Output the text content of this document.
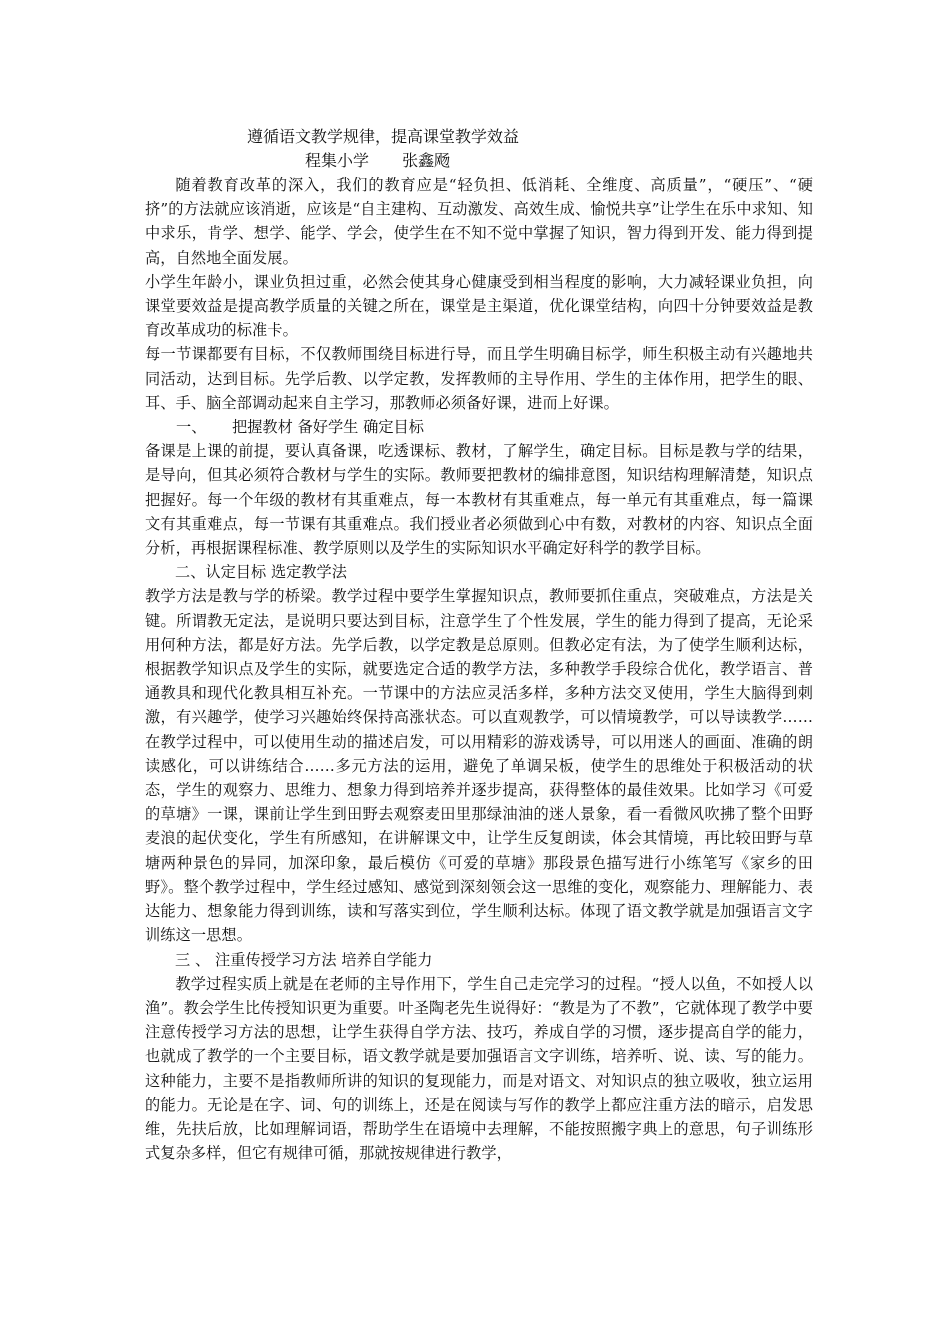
遵循语文教学规律，提高课堂教学效益
程集小学 张鑫飏

随着教育改革的深入，我们的教育应是“轻负担、低消耗、全维度、高质量”，“硬压”、“硬挤”的方法就应该消逝，应该是“自主建构、互动激发、高效生成、愉悦共享”让学生在乐中求知、知中求乐，肯学、想学、能学、学会，使学生在不知不觉中掌握了知识，智力得到开发、能力得到提高，自然地全面发展。

小学生年龄小，课业负担过重，必然会使其身心健康受到相当程度的影响，大力减轻课业负担，向课堂要效益是提高教学质量的关键之所在，课堂是主渠道，优化课堂结构，向四十分钟要效益是教育改革成功的标准卡。

每一节课都要有目标，不仅教师围绕目标进行导，而且学生明确目标学，师生积极主动有兴趣地共同活动，达到目标。先学后教、以学定教，发挥教师的主导作用、学生的主体作用，把学生的眼、耳、手、脑全部调动起来自主学习，那教师必须备好课，进而上好课。

一、 把握教材 备好学生 确定目标

备课是上课的前提，要认真备课，吃透课标、教材，了解学生，确定目标。目标是教与学的结果，是导向，但其必须符合教材与学生的实际。教师要把教材的编排意图，知识结构理解清楚，知识点把握好。每一个年级的教材有其重难点，每一本教材有其重难点，每一单元有其重难点，每一篇课文有其重难点，每一节课有其重难点。我们授业者必须做到心中有数，对教材的内容、知识点全面分析，再根据课程标准、教学原则以及学生的实际知识水平确定好科学的教学目标。

二、认定目标 选定教学法

教学方法是教与学的桥梁。教学过程中要学生掌握知识点，教师要抓住重点，突破难点，方法是关键。所谓教无定法，是说明只要达到目标，注意学生了个性发展，学生的能力得到了提高，无论采用何种方法，都是好方法。先学后教，以学定教是总原则。但教必定有法，为了使学生顺利达标，根据教学知识点及学生的实际，就要选定合适的教学方法，多种教学手段综合优化，教学语言、普通教具和现代化教具相互补充。一节课中的方法应灵活多样，多种方法交叉使用，学生大脑得到刺激，有兴趣学，使学习兴趣始终保持高涨状态。可以直观教学，可以情境教学，可以导读教学……在教学过程中，可以使用生动的描述启发，可以用精彩的游戏诱导，可以用迷人的画面、准确的朗读感化，可以讲练结合……多元方法的运用，避免了单调呆板，使学生的思维处于积极活动的状态，学生的观察力、思维力、想象力得到培养并逐步提高，获得整体的最佳效果。比如学习《可爱的草塘》一课，课前让学生到田野去观察麦田里那绿油油的迷人景象，看一看微风吹拂了整个田野麦浪的起伏变化，学生有所感知，在讲解课文中，让学生反复朗读，体会其情境，再比较田野与草塘两种景色的异同，加深印象，最后模仿《可爱的草塘》那段景色描写进行小练笔写《家乡的田野》。整个教学过程中，学生经过感知、感觉到深刻领会这一思维的变化，观察能力、理解能力、表达能力、想象能力得到训练，读和写落实到位，学生顺利达标。体现了语文教学就是加强语言文字训练这一思想。

三 、 注重传授学习方法 培养自学能力

教学过程实质上就是在老师的主导作用下，学生自己走完学习的过程。“授人以鱼，不如授人以渔”。教会学生比传授知识更为重要。叶圣陶老先生说得好：“教是为了不教”，它就体现了教学中要注意传授学习方法的思想，让学生获得自学方法、技巧，养成自学的习惯，逐步提高自学的能力，也就成了教学的一个主要目标，语文教学就是要加强语言文字训练，培养听、说、读、写的能力。这种能力，主要不是指教师所讲的知识的复现能力，而是对语文、对知识点的独立吸收，独立运用的能力。无论是在字、词、句的训练上，还是在阅读与写作的教学上都应注重方法的暗示，启发思维，先扶后放，比如理解词语，帮助学生在语境中去理解，不能按照搬字典上的意思，句子训练形式复杂多样，但它有规律可循，那就按规律进行教学，
